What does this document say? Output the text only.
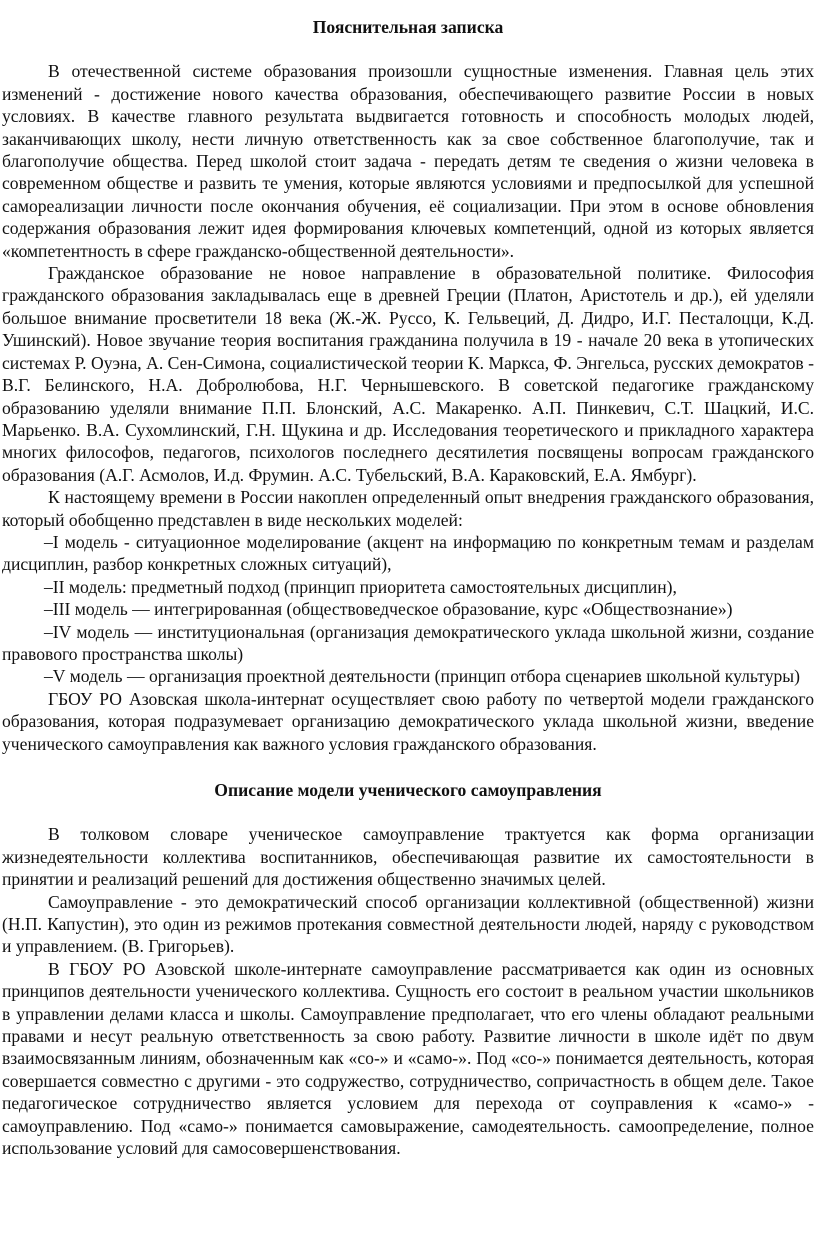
Пояснительная записка

В отечественной системе образования произошли сущностные изменения. Главная цель этих изменений - достижение нового качества образования, обеспечивающего развитие России в новых условиях. В качестве главного результата выдвигается готовность и способность молодых людей, заканчивающих школу, нести личную ответственность как за свое собственное благополучие, так и благополучие общества. Перед школой стоит задача - передать детям те сведения о жизни человека в современном обществе и развить те умения, которые являются условиями и предпосылкой для успешной самореализации личности после окончания обучения, её социализации. При этом в основе обновления содержания образования лежит идея формирования ключевых компетенций, одной из которых является «компетентность в сфере гражданско-общественной деятельности».

Гражданское образование не новое направление в образовательной политике. Философия гражданского образования закладывалась еще в древней Греции (Платон, Аристотель и др.), ей уделяли большое внимание просветители 18 века (Ж.-Ж. Руссо, К. Гельвеций, Д. Дидро, И.Г. Песталоцци, К.Д. Ушинский). Новое звучание теория воспитания гражданина получила в 19 - начале 20 века в утопических системах Р. Оуэна, А. Сен-Симона, социалистической теории К. Маркса, Ф. Энгельса, русских демократов - В.Г. Белинского, Н.А. Добролюбова, Н.Г. Чернышевского. В советской педагогике гражданскому образованию уделяли внимание П.П. Блонский, А.С. Макаренко. А.П. Пинкевич, С.Т. Шацкий, И.С. Марьенко. В.А. Сухомлинский, Г.Н. Щукина и др. Исследования теоретического и прикладного характера многих философов, педагогов, психологов последнего десятилетия посвящены вопросам гражданского образования (А.Г. Асмолов, И.д. Фрумин. А.С. Тубельский, В.А. Караковский, Е.А. Ямбург).

К настоящему времени в России накоплен определенный опыт внедрения гражданского образования, который обобщенно представлен в виде нескольких моделей:

–I модель - ситуационное моделирование (акцент на информацию по конкретным темам и разделам дисциплин, разбор конкретных сложных ситуаций),

–II модель: предметный подход (принцип приоритета самостоятельных дисциплин),

–III модель — интегрированная (обществоведческое образование, курс «Обществознание»)

–IV модель — институциональная (организация демократического уклада школьной жизни, создание правового пространства школы)

–V модель — организация проектной деятельности (принцип отбора сценариев школьной культуры)

ГБОУ РО Азовская школа-интернат осуществляет свою работу по четвертой модели гражданского образования, которая подразумевает организацию демократического уклада школьной жизни, введение ученического самоуправления как важного условия гражданского образования.

Описание модели ученического самоуправления

В толковом словаре ученическое самоуправление трактуется как форма организации жизнедеятельности коллектива воспитанников, обеспечивающая развитие их самостоятельности в принятии и реализаций решений для достижения общественно значимых целей.

Самоуправление - это демократический способ организации коллективной (общественной) жизни (Н.П. Капустин), это один из режимов протекания совместной деятельности людей, наряду с руководством и управлением. (В. Григорьев).

В ГБОУ РО Азовской школе-интернате самоуправление рассматривается как один из основных принципов деятельности ученического коллектива. Сущность его состоит в реальном участии школьников в управлении делами класса и школы. Самоуправление предполагает, что его члены обладают реальными правами и несут реальную ответственность за свою работу. Развитие личности в школе идёт по двум взаимосвязанным линиям, обозначенным как «со-» и «само-». Под «со-» понимается деятельность, которая совершается совместно с другими - это содружество, сотрудничество, сопричастность в общем деле. Такое педагогическое сотрудничество является условием для перехода от соуправления к «само-» - самоуправлению. Под «само-» понимается самовыражение, самодеятельность. самоопределение, полное использование условий для самосовершенствования.
